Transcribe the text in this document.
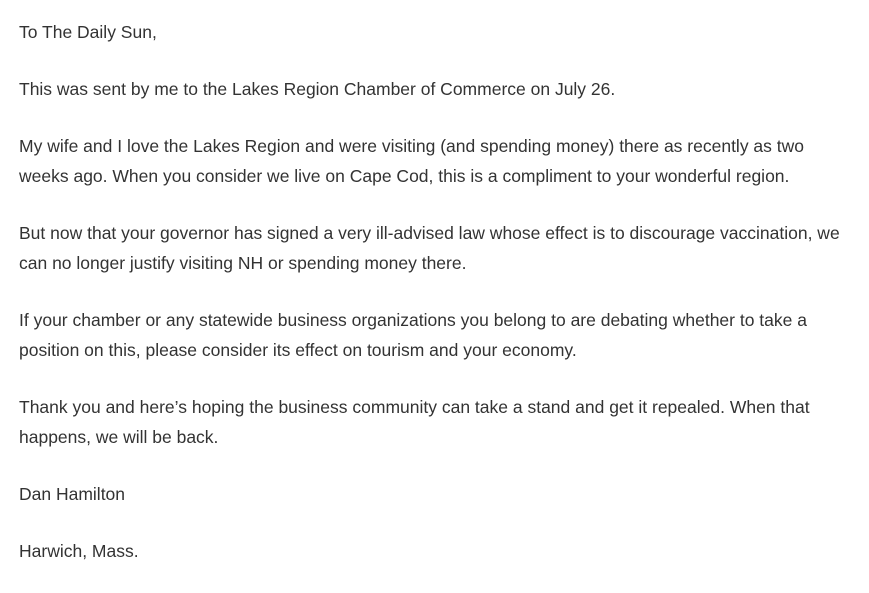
To The Daily Sun,

This was sent by me to the Lakes Region Chamber of Commerce on July 26.

My wife and I love the Lakes Region and were visiting (and spending money) there as recently as two weeks ago. When you consider we live on Cape Cod, this is a compliment to your wonderful region.

But now that your governor has signed a very ill-advised law whose effect is to discourage vaccination, we can no longer justify visiting NH or spending money there.

If your chamber or any statewide business organizations you belong to are debating whether to take a position on this, please consider its effect on tourism and your economy.

Thank you and here’s hoping the business community can take a stand and get it repealed. When that happens, we will be back.

Dan Hamilton

Harwich, Mass.
